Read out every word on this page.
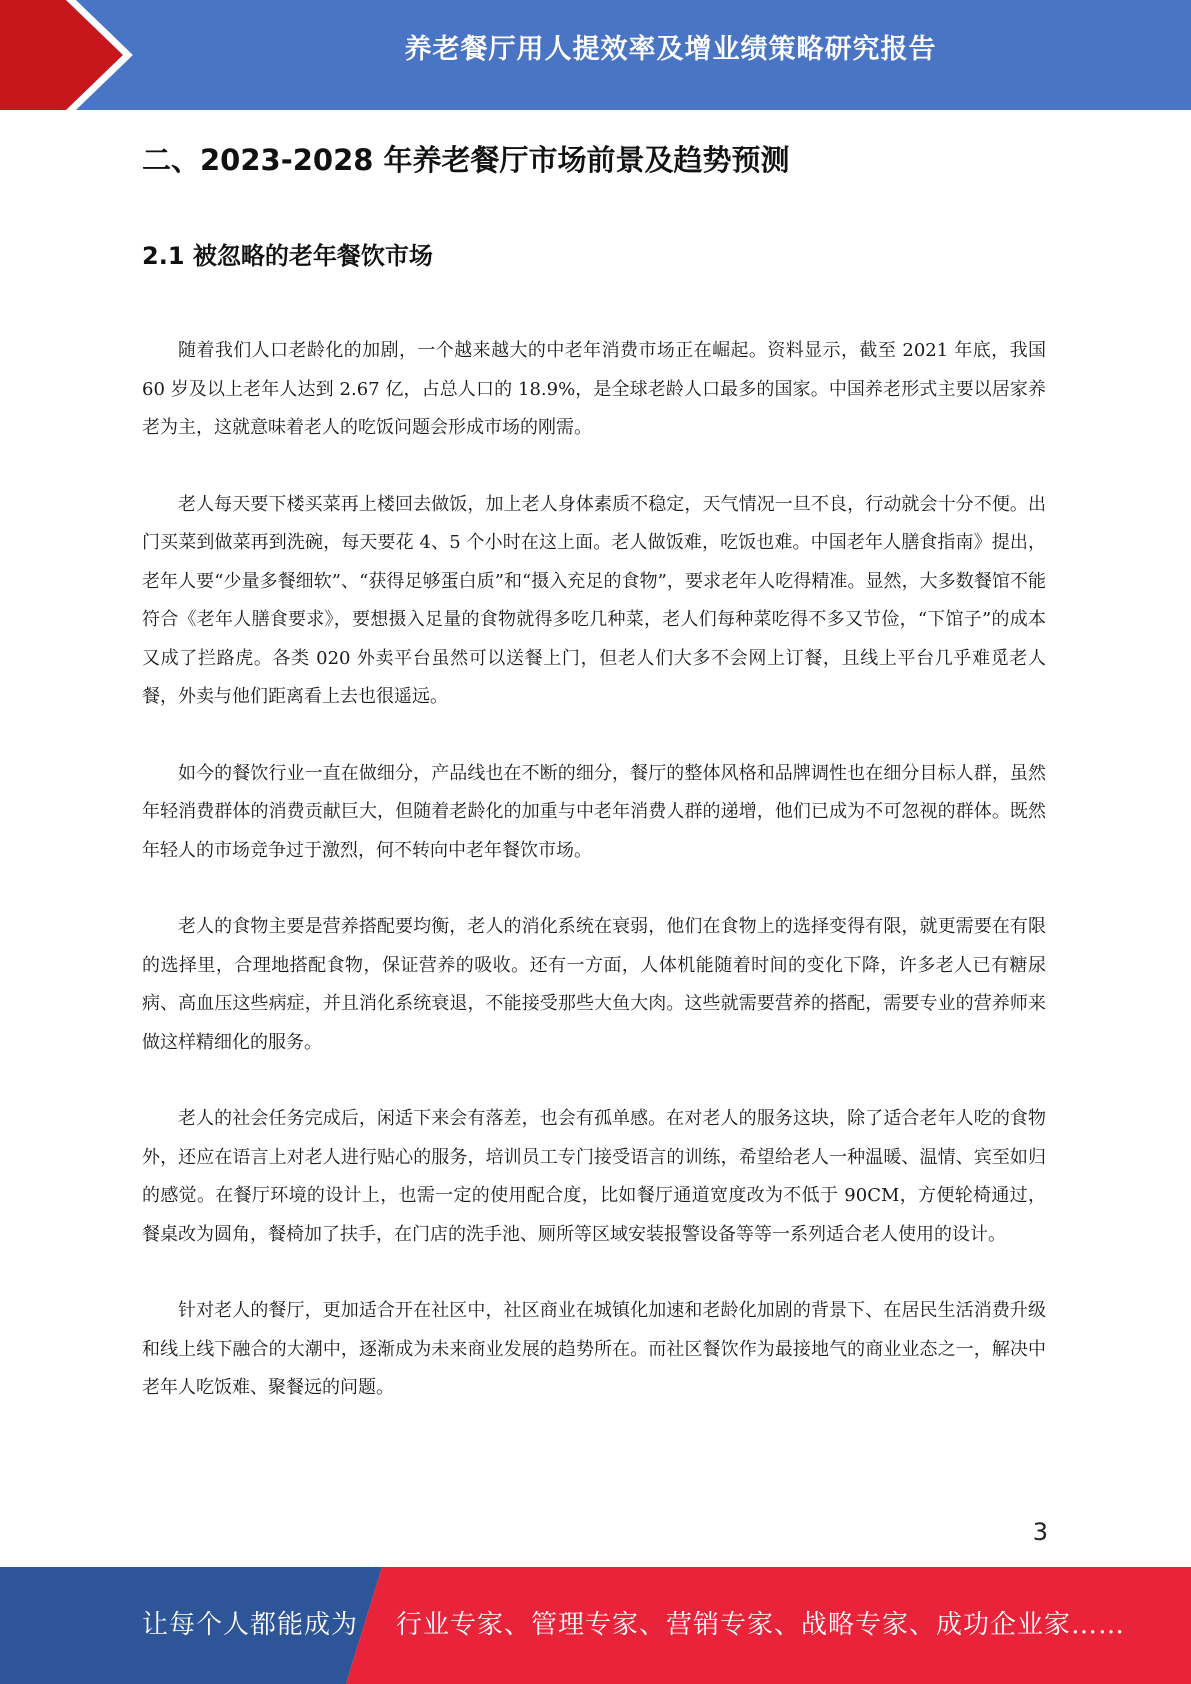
养老餐厅用人提效率及增业绩策略研究报告
二、2023-2028 年养老餐厅市场前景及趋势预测
2.1 被忽略的老年餐饮市场

随着我们人口老龄化的加剧，一个越来越大的中老年消费市场正在崛起。资料显示，截至 2021 年底，我国 60 岁及以上老年人达到 2.67 亿，占总人口的 18.9%，是全球老龄人口最多的国家。中国养老形式主要以居家养老为主，这就意味着老人的吃饭问题会形成市场的刚需。

老人每天要下楼买菜再上楼回去做饭，加上老人身体素质不稳定，天气情况一旦不良，行动就会十分不便。出门买菜到做菜再到洗碗，每天要花 4、5 个小时在这上面。老人做饭难，吃饭也难。中国老年人膳食指南》提出，老年人要“少量多餐细软”、“获得足够蛋白质”和“摄入充足的食物”，要求老年人吃得精准。显然，大多数餐馆不能符合《老年人膳食要求》，要想摄入足量的食物就得多吃几种菜，老人们每种菜吃得不多又节俭，“下馆子”的成本又成了拦路虎。各类 020 外卖平台虽然可以送餐上门，但老人们大多不会网上订餐，且线上平台几乎难觅老人餐，外卖与他们距离看上去也很遥远。

如今的餐饮行业一直在做细分，产品线也在不断的细分，餐厅的整体风格和品牌调性也在细分目标人群，虽然年轻消费群体的消费贡献巨大，但随着老龄化的加重与中老年消费人群的递增，他们已成为不可忽视的群体。既然年轻人的市场竞争过于激烈，何不转向中老年餐饮市场。

老人的食物主要是营养搭配要均衡，老人的消化系统在衰弱，他们在食物上的选择变得有限，就更需要在有限的选择里，合理地搭配食物，保证营养的吸收。还有一方面，人体机能随着时间的变化下降，许多老人已有糖尿病、高血压这些病症，并且消化系统衰退，不能接受那些大鱼大肉。这些就需要营养的搭配，需要专业的营养师来做这样精细化的服务。

老人的社会任务完成后，闲适下来会有落差，也会有孤单感。在对老人的服务这块，除了适合老年人吃的食物外，还应在语言上对老人进行贴心的服务，培训员工专门接受语言的训练，希望给老人一种温暖、温情、宾至如归的感觉。在餐厅环境的设计上，也需一定的使用配合度，比如餐厅通道宽度改为不低于 90CM，方便轮椅通过，餐桌改为圆角，餐椅加了扶手，在门店的洗手池、厕所等区域安装报警设备等等一系列适合老人使用的设计。

针对老人的餐厅，更加适合开在社区中，社区商业在城镇化加速和老龄化加剧的背景下、在居民生活消费升级和线上线下融合的大潮中，逐渐成为未来商业发展的趋势所在。而社区餐饮作为最接地气的商业业态之一，解决中老年人吃饭难、聚餐远的问题。

3
让每个人都能成为 行业专家、管理专家、营销专家、战略专家、成功企业家……
